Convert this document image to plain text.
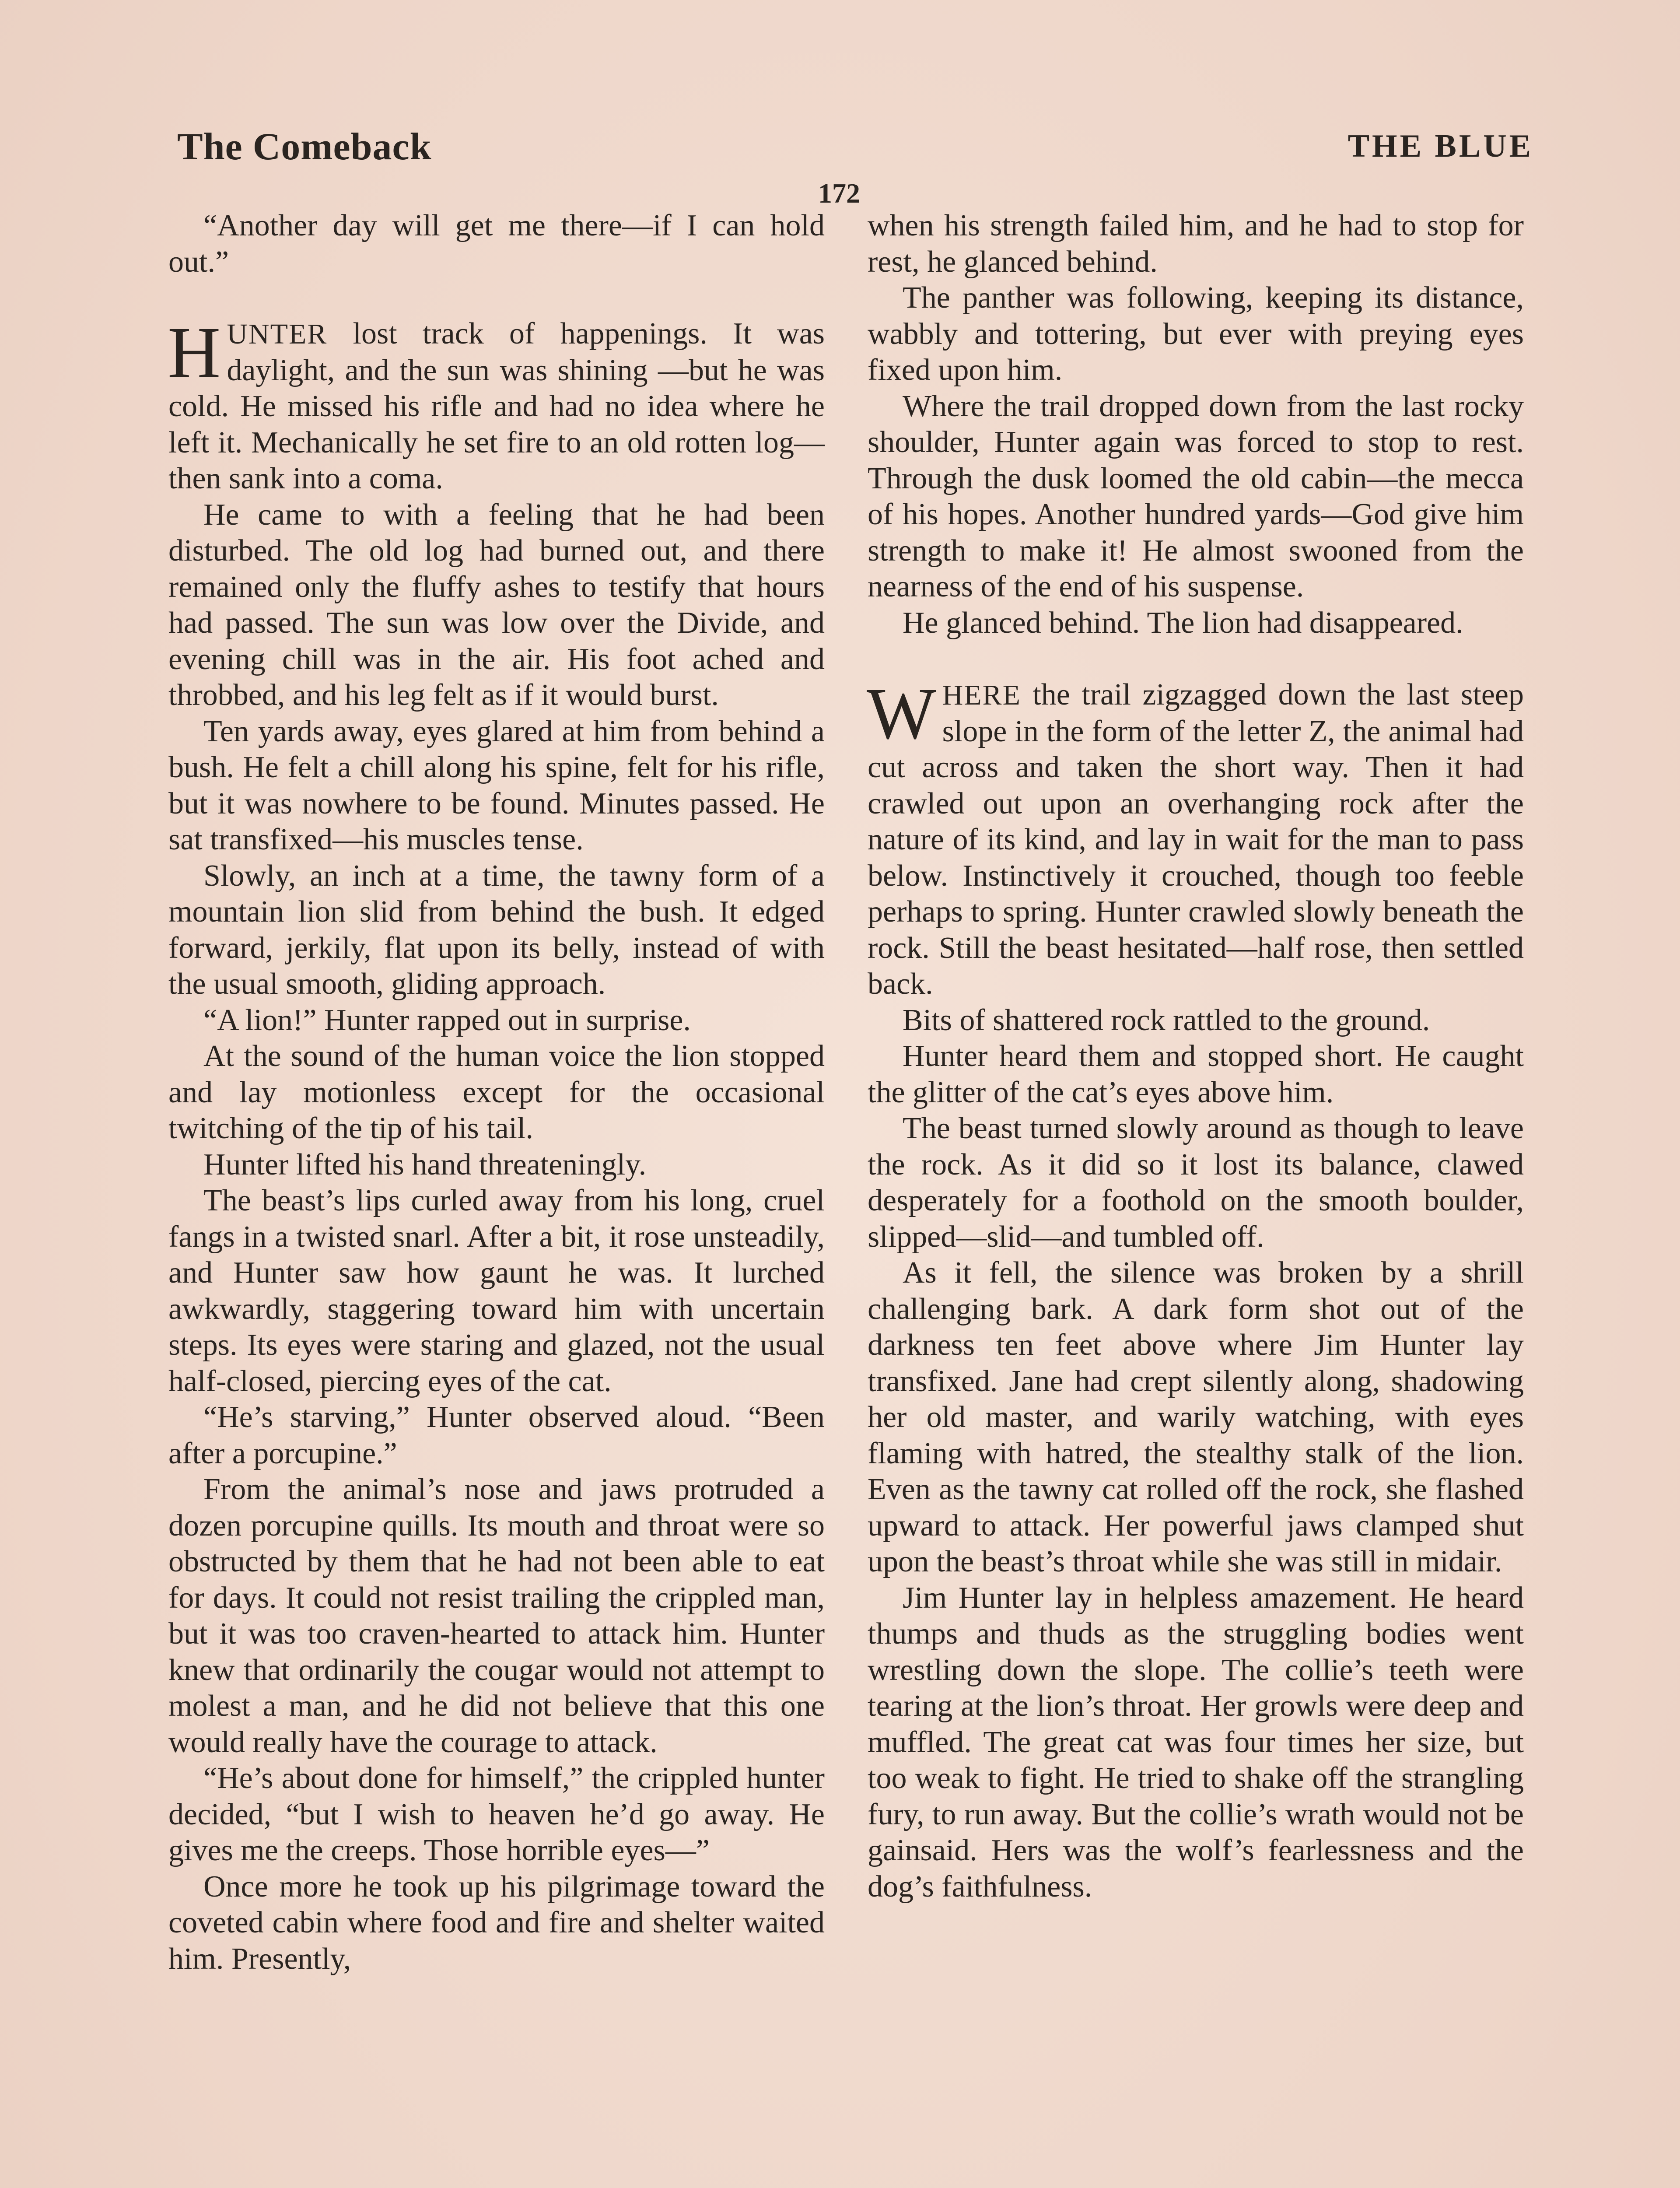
The Comeback	THE BLUE
172

“Another day will get me there—if I can hold out.”

HUNTER lost track of happenings. It was daylight, and the sun was shining —but he was cold. He missed his rifle and had no idea where he left it. Mechanically he set fire to an old rotten log—then sank into a coma.

He came to with a feeling that he had been disturbed. The old log had burned out, and there remained only the fluffy ashes to testify that hours had passed. The sun was low over the Divide, and evening chill was in the air. His foot ached and throbbed, and his leg felt as if it would burst.

Ten yards away, eyes glared at him from behind a bush. He felt a chill along his spine, felt for his rifle, but it was nowhere to be found. Minutes passed. He sat transfixed—his muscles tense.

Slowly, an inch at a time, the tawny form of a mountain lion slid from behind the bush. It edged forward, jerkily, flat upon its belly, instead of with the usual smooth, gliding approach.

“A lion!” Hunter rapped out in surprise.

At the sound of the human voice the lion stopped and lay motionless except for the occasional twitching of the tip of his tail.

Hunter lifted his hand threateningly.

The beast’s lips curled away from his long, cruel fangs in a twisted snarl. After a bit, it rose unsteadily, and Hunter saw how gaunt he was. It lurched awkwardly, staggering toward him with uncertain steps. Its eyes were staring and glazed, not the usual half-closed, piercing eyes of the cat.

“He’s starving,” Hunter observed aloud. “Been after a porcupine.”

From the animal’s nose and jaws protruded a dozen porcupine quills. Its mouth and throat were so obstructed by them that he had not been able to eat for days. It could not resist trailing the crippled man, but it was too craven-hearted to attack him. Hunter knew that ordinarily the cougar would not attempt to molest a man, and he did not believe that this one would really have the courage to attack.

“He’s about done for himself,” the crippled hunter decided, “but I wish to heaven he’d go away. He gives me the creeps. Those horrible eyes—”

Once more he took up his pilgrimage toward the coveted cabin where food and fire and shelter waited him. Presently,

when his strength failed him, and he had to stop for rest, he glanced behind.

The panther was following, keeping its distance, wabbly and tottering, but ever with preying eyes fixed upon him.

Where the trail dropped down from the last rocky shoulder, Hunter again was forced to stop to rest. Through the dusk loomed the old cabin—the mecca of his hopes. Another hundred yards—God give him strength to make it! He almost swooned from the nearness of the end of his suspense.

He glanced behind. The lion had disappeared.

WHERE the trail zigzagged down the last steep slope in the form of the letter Z, the animal had cut across and taken the short way. Then it had crawled out upon an overhanging rock after the nature of its kind, and lay in wait for the man to pass below. Instinctively it crouched, though too feeble perhaps to spring. Hunter crawled slowly beneath the rock. Still the beast hesitated—half rose, then settled back.

Bits of shattered rock rattled to the ground.

Hunter heard them and stopped short. He caught the glitter of the cat’s eyes above him.

The beast turned slowly around as though to leave the rock. As it did so it lost its balance, clawed desperately for a foothold on the smooth boulder, slipped—slid—and tumbled off.

As it fell, the silence was broken by a shrill challenging bark. A dark form shot out of the darkness ten feet above where Jim Hunter lay transfixed. Jane had crept silently along, shadowing her old master, and warily watching, with eyes flaming with hatred, the stealthy stalk of the lion. Even as the tawny cat rolled off the rock, she flashed upward to attack. Her powerful jaws clamped shut upon the beast’s throat while she was still in midair.

Jim Hunter lay in helpless amazement. He heard thumps and thuds as the struggling bodies went wrestling down the slope. The collie’s teeth were tearing at the lion’s throat. Her growls were deep and muffled. The great cat was four times her size, but too weak to fight. He tried to shake off the strangling fury, to run away. But the collie’s wrath would not be gainsaid. Hers was the wolf’s fearlessness and the dog’s faithfulness.
